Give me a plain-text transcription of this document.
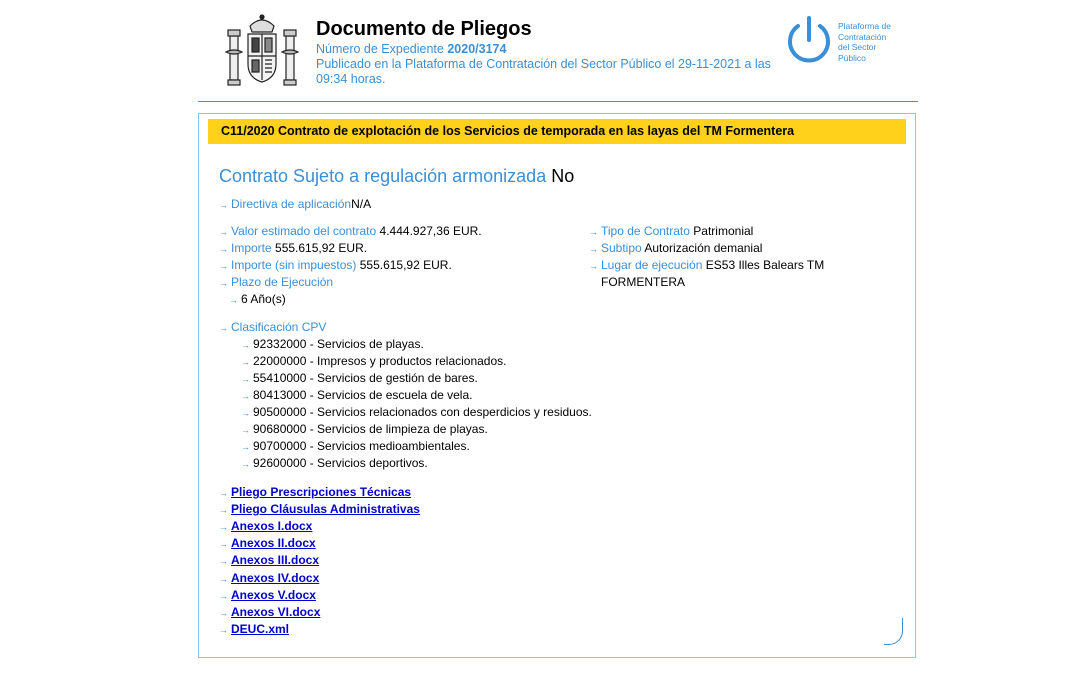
Documento de Pliegos
Número de Expediente 2020/3174
Publicado en la Plataforma de Contratación del Sector Público el 29-11-2021 a las 09:34 horas.
Plataforma de
Contratación
del Sector
Público
C11/2020 Contrato de explotación de los Servicios de temporada en las layas del TM Formentera
Contrato Sujeto a regulación armonizada No
→ Directiva de aplicaciónN/A
→ Valor estimado del contrato 4.444.927,36 EUR.
→ Importe 555.615,92 EUR.
→ Importe (sin impuestos) 555.615,92 EUR.
→ Plazo de Ejecución
→ 6 Año(s)
→ Tipo de Contrato Patrimonial
→ Subtipo Autorización demanial
→ Lugar de ejecución ES53 Illes Balears TM
FORMENTERA
→ Clasificación CPV
→ 92332000 - Servicios de playas.
→ 22000000 - Impresos y productos relacionados.
→ 55410000 - Servicios de gestión de bares.
→ 80413000 - Servicios de escuela de vela.
→ 90500000 - Servicios relacionados con desperdicios y residuos.
→ 90680000 - Servicios de limpieza de playas.
→ 90700000 - Servicios medioambientales.
→ 92600000 - Servicios deportivos.
→ Pliego Prescripciones Técnicas
→ Pliego Cláusulas Administrativas
→ Anexos I.docx
→ Anexos II.docx
→ Anexos III.docx
→ Anexos IV.docx
→ Anexos V.docx
→ Anexos VI.docx
→ DEUC.xml
